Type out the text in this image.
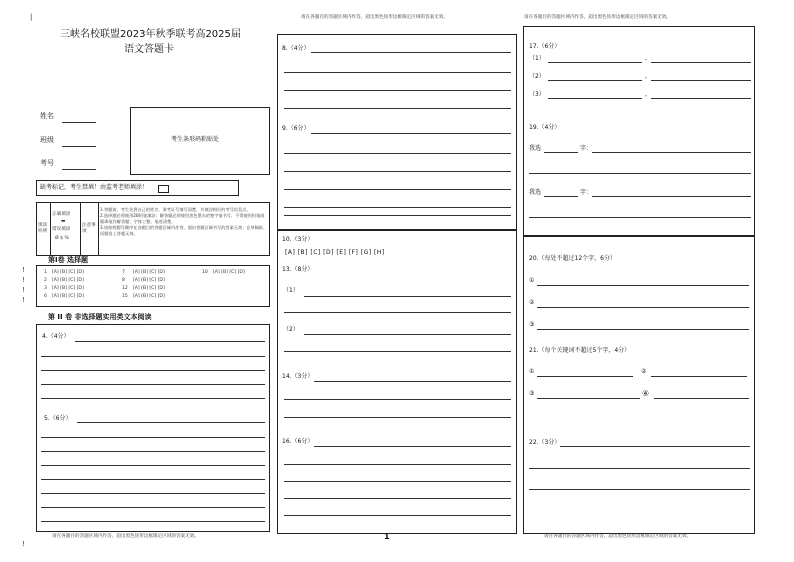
|
三峡名校联盟2023年秋季联考高2025届
语文答题卡
姓名
班级
考号
考生条形码粘贴处
缺考标记，考生禁填！由监考老师填涂！
填涂样例
正确填涂
▬
错误填涂
Ø $ %
注意事项
1.答题前，考生先将自己的姓名、准考证号填写清楚，并填涂相应的考号信息点。
2.选择题必须使用2B铅笔填涂；解答题必须使用黑色墨水的签字笔书写，不得使用铅笔或圆珠笔作解答题；字体工整、笔迹清楚。
3.请按照题号顺序在各题目的答题区域内作答，超出答题区域书写的答案无效；在草稿纸、试题卷上答题无效。
第Ⅰ卷 选择题
1 [A] [B] [C] [D]	7 [A] [B] [C] [D]	10 [A] [B] [C] [D]
2 [A] [B] [C] [D]	8 [A] [B] [C] [D]
3 [A] [B] [C] [D]	12 [A] [B] [C] [D]
6 [A] [B] [C] [D]	15 [A] [B] [C] [D]
!
!
!
!
第 II 卷 非选择题实用类文本阅读
4.（4分）
5.（6分）
!
请在各题目的答题区域内作答，超出黑色矩形边框限定区域的答案无效。
请在各题目的答题区域内作答，超出黑色矩形边框限定区域的答案无效。
8.（4分）
9.（6分）
10.（3分）
[A] [B] [C] [D] [E] [F] [G] [H]
13.（8分）
（1）
（2）
14.（3分）
16.（6分）
1
请在各题目的答题区域内作答，超出黑色矩形边框限定区域的答案无效。
17.（6分）
（1）	,
（2）	,
（3）	,
19.（4分）
我选	字：
我选	字：
20.（每处不超过12个字，6分）
①
②
③
21.（每个关键词不超过5个字，4分）
①	②
③	④
22.（3分）
请在各题目的答题区域内作答，超出黑色矩形边框限定区域的答案无效。
